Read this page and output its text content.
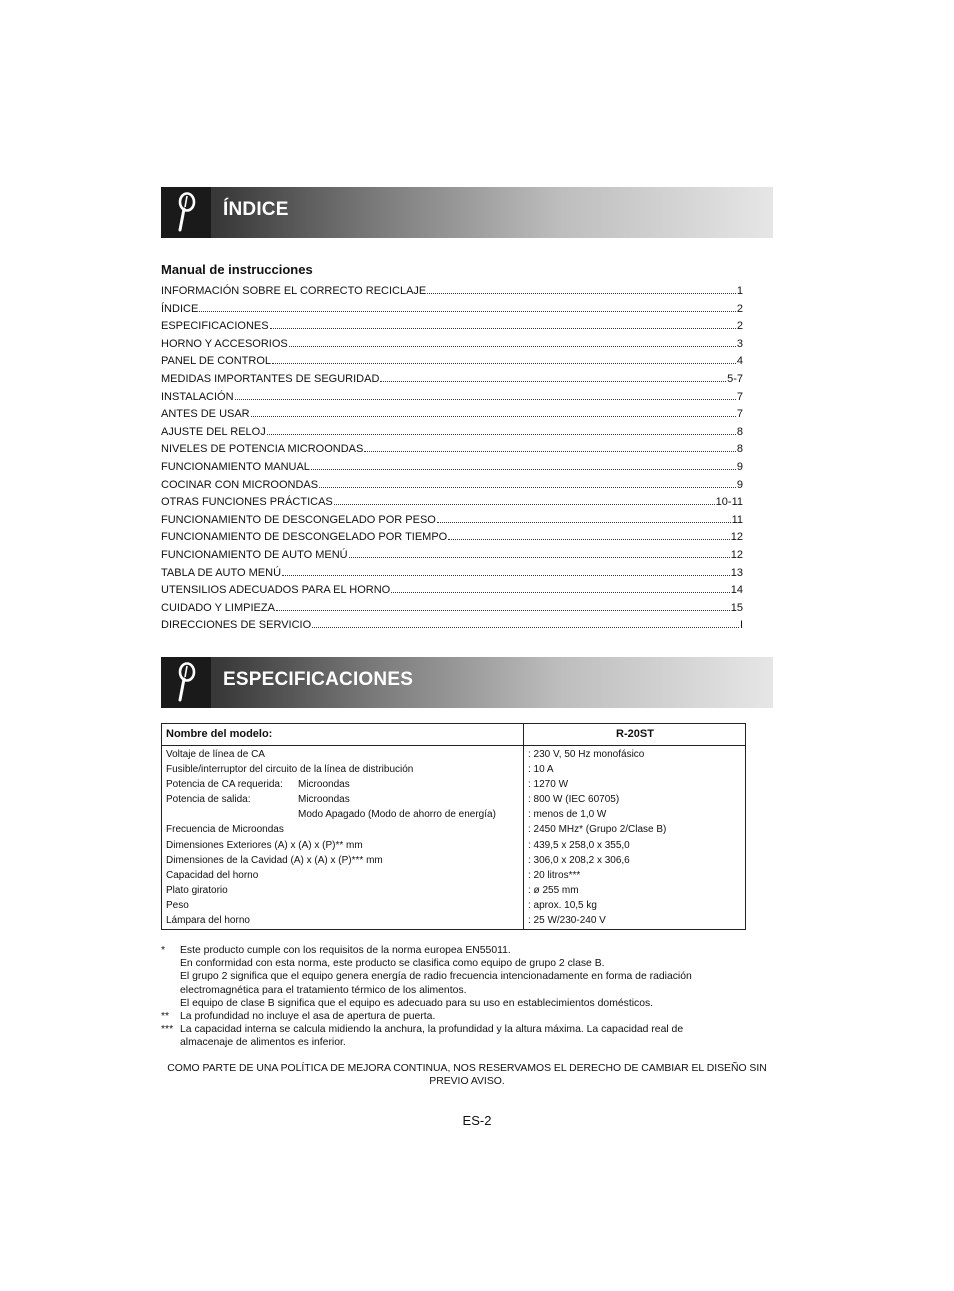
ÍNDICE
Manual de instrucciones
INFORMACIÓN SOBRE EL CORRECTO RECICLAJE	1
ÍNDICE	2
ESPECIFICACIONES	2
HORNO Y ACCESORIOS	3
PANEL DE CONTROL	4
MEDIDAS IMPORTANTES DE SEGURIDAD	5-7
INSTALACIÓN	7
ANTES DE USAR	7
AJUSTE DEL RELOJ	8
NIVELES DE POTENCIA MICROONDAS	8
FUNCIONAMIENTO MANUAL	9
COCINAR CON MICROONDAS	9
OTRAS FUNCIONES PRÁCTICAS	10-11
FUNCIONAMIENTO DE DESCONGELADO POR PESO	11
FUNCIONAMIENTO DE DESCONGELADO POR TIEMPO	12
FUNCIONAMIENTO DE AUTO MENÚ	12
TABLA DE AUTO MENÚ	13
UTENSILIOS ADECUADOS PARA EL HORNO	14
CUIDADO Y LIMPIEZA	15
DIRECCIONES DE SERVICIO	I
ESPECIFICACIONES
Nombre del modelo:	R-20ST
Voltaje de línea de CA	: 230 V, 50 Hz monofásico
Fusible/interruptor del circuito de la línea de distribución	: 10 A
Potencia de CA requerida: Microondas	: 1270 W
Potencia de salida:	Microondas	: 800 W (IEC 60705)
Modo Apagado (Modo de ahorro de energía)	: menos de 1,0 W
Frecuencia de Microondas	: 2450 MHz* (Grupo 2/Clase B)
Dimensiones Exteriores (A) x (A) x (P)** mm	: 439,5 x 258,0 x 355,0
Dimensiones de la Cavidad (A) x (A) x (P)*** mm	: 306,0 x 208,2 x 306,6
Capacidad del horno	: 20 litros***
Plato giratorio	: ø 255 mm
Peso	: aprox. 10,5 kg
Lámpara del horno	: 25 W/230-240 V
*	Este producto cumple con los requisitos de la norma europea EN55011.
En conformidad con esta norma, este producto se clasifica como equipo de grupo 2 clase B.
El grupo 2 significa que el equipo genera energía de radio frecuencia intencionadamente en forma de radiación
electromagnética para el tratamiento térmico de los alimentos.
El equipo de clase B significa que el equipo es adecuado para su uso en establecimientos domésticos.
**	La profundidad no incluye el asa de apertura de puerta.
*** La capacidad interna se calcula midiendo la anchura, la profundidad y la altura máxima. La capacidad real de
almacenaje de alimentos es inferior.
COMO PARTE DE UNA POLÍTICA DE MEJORA CONTINUA, NOS RESERVAMOS EL DERECHO DE CAMBIAR EL DISEÑO SIN
PREVIO AVISO.
ES-2
